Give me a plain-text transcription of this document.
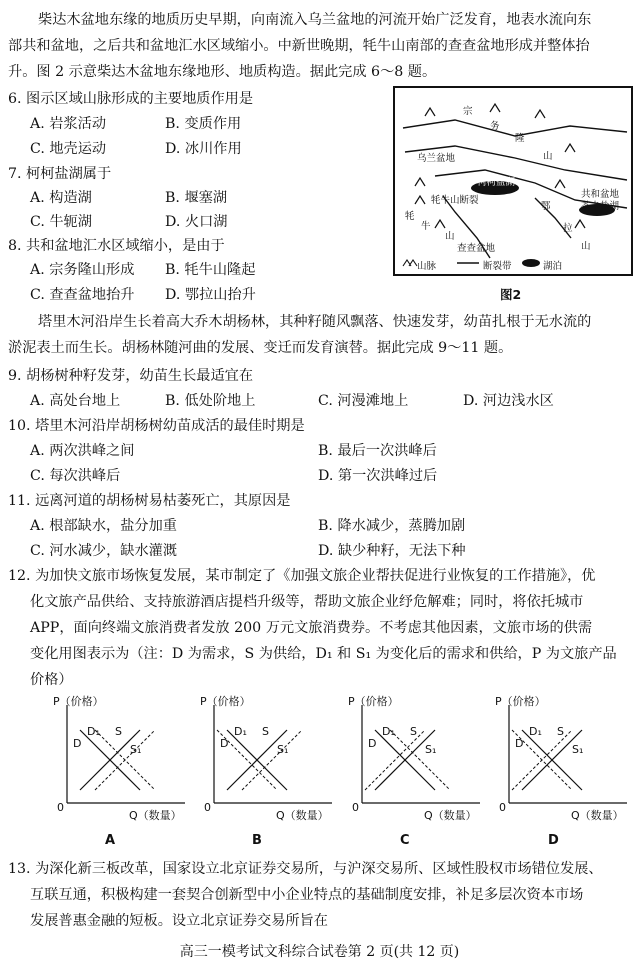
柴达木盆地东缘的地质历史早期，向南流入乌兰盆地的河流开始广泛发育，地表水流向东
部共和盆地，之后共和盆地汇水区域缩小。中新世晚期，牦牛山南部的查查盆地形成并整体抬
升。图 2 示意柴达木盆地东缘地形、地质构造。据此完成 6～8 题。
6. 图示区域山脉形成的主要地质作用是
A. 岩浆活动	B. 变质作用
C. 地壳运动	D. 冰川作用
7. 柯柯盐湖属于
A. 构造湖	B. 堰塞湖
C. 牛轭湖	D. 火口湖
8. 共和盆地汇水区域缩小，是由于
A. 宗务隆山形成 B. 牦牛山隆起
C. 查查盆地抬升 D. 鄂拉山抬升
宗
务
隆
山
乌兰盆地
柯柯盐湖
牦牛山断裂
牦
牛
山
查查盆地
鄂
拉
山
共和盆地
茶卡盐湖
山脉	断裂带	湖泊
图2
塔里木河沿岸生长着高大乔木胡杨林，其种籽随风飘落、快速发芽，幼苗扎根于无水流的
淤泥表土而生长。胡杨林随河曲的发展、变迁而发育演替。据此完成 9～11 题。
9. 胡杨树种籽发芽，幼苗生长最适宜在
A. 高处台地上	B. 低处阶地上	C. 河漫滩地上	D. 河边浅水区
10. 塔里木河沿岸胡杨树幼苗成活的最佳时期是
A. 两次洪峰之间	B. 最后一次洪峰后
C. 每次洪峰后	D. 第一次洪峰过后
11. 远离河道的胡杨树易枯萎死亡，其原因是
A. 根部缺水，盐分加重	B. 降水减少，蒸腾加剧
C. 河水减少，缺水灌溉	D. 缺少种籽，无法下种
12. 为加快文旅市场恢复发展，某市制定了《加强文旅企业帮扶促进行业恢复的工作措施》，优
化文旅产品供给、支持旅游酒店提档升级等，帮助文旅企业纾危解难；同时，将依托城市
APP，面向终端文旅消费者发放 200 万元文旅消费券。不考虑其他因素，文旅市场的供需
变化用图表示为（注：D 为需求，S 为供给，D₁ 和 S₁ 为变化后的需求和供给，P 为文旅产品
价格）
P（价格）
Q（数量）
0
D
D₁ S
S₁
P（价格）
Q（数量）
0
D
D₁ S
S₁
P（价格）
Q（数量）
0
D
D₁ S
S₁
P（价格）
Q（数量）
0
D
D₁ S
S₁
A	B	C	D
13. 为深化新三板改革，国家设立北京证券交易所，与沪深交易所、区域性股权市场错位发展、
互联互通，积极构建一套契合创新型中小企业特点的基础制度安排，补足多层次资本市场
发展普惠金融的短板。设立北京证券交易所旨在
高三一模考试文科综合试卷第 2 页(共 12 页)
